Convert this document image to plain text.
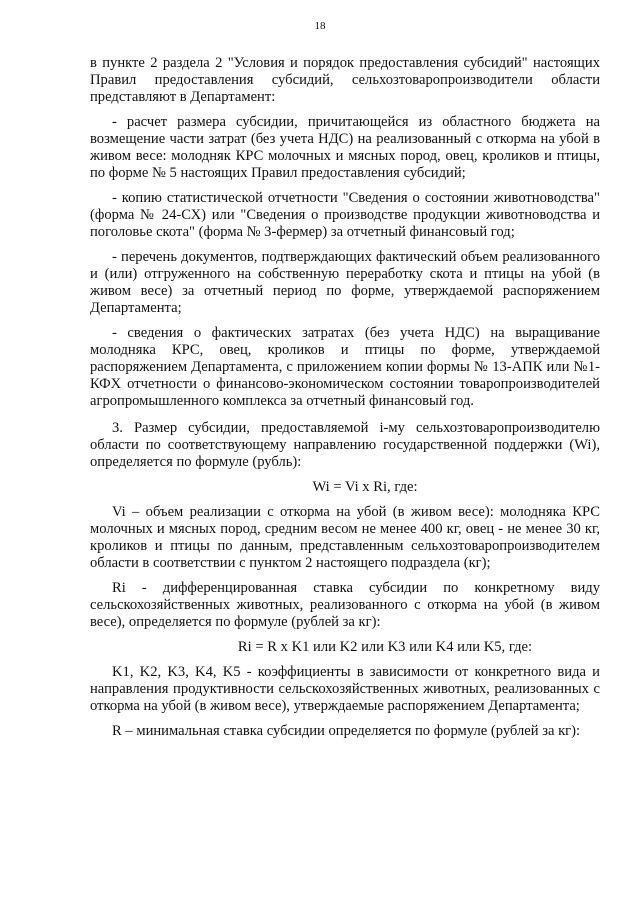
18

в пункте 2 раздела 2 "Условия и порядок предоставления субсидий" настоящих Правил предоставления субсидий, сельхозтоваропроизводители области представляют в Департамент:

- расчет размера субсидии, причитающейся из областного бюджета на возмещение части затрат (без учета НДС) на реализованный с откорма на убой в живом весе: молодняк КРС молочных и мясных пород, овец, кроликов и птицы, по форме № 5 настоящих Правил предоставления субсидий;

- копию статистической отчетности "Сведения о состоянии животноводства" (форма № 24-СХ) или "Сведения о производстве продукции животноводства и поголовье скота" (форма № 3-фермер) за отчетный финансовый год;

- перечень документов, подтверждающих фактический объем реализованного и (или) отгруженного на собственную переработку скота и птицы на убой (в живом весе) за отчетный период по форме, утверждаемой распоряжением Департамента;

- сведения о фактических затратах (без учета НДС) на выращивание молодняка КРС, овец, кроликов и птицы по форме, утверждаемой распоряжением Департамента, с приложением копии формы № 13-АПК или №1-КФХ отчетности о финансово-экономическом состоянии товаропроизводителей агропромышленного комплекса за отчетный финансовый год.

3. Размер субсидии, предоставляемой i-му сельхозтоваропроизводителю области по соответствующему направлению государственной поддержки (Wi), определяется по формуле (рубль):

Wi = Vi x Ri, где:

Vi – объем реализации с откорма на убой (в живом весе): молодняка КРС молочных и мясных пород, средним весом не менее 400 кг, овец - не менее 30 кг, кроликов и птицы по данным, представленным сельхозтоваропроизводителем области в соответствии с пунктом 2 настоящего подраздела (кг);

Ri - дифференцированная ставка субсидии по конкретному виду сельскохозяйственных животных, реализованного с откорма на убой (в живом весе), определяется по формуле (рублей за кг):

Ri = R x K1 или K2 или K3 или K4 или K5, где:

K1, K2, K3, K4, K5 - коэффициенты в зависимости от конкретного вида и направления продуктивности сельскохозяйственных животных, реализованных с откорма на убой (в живом весе), утверждаемые распоряжением Департамента;

R – минимальная ставка субсидии определяется по формуле (рублей за кг):
